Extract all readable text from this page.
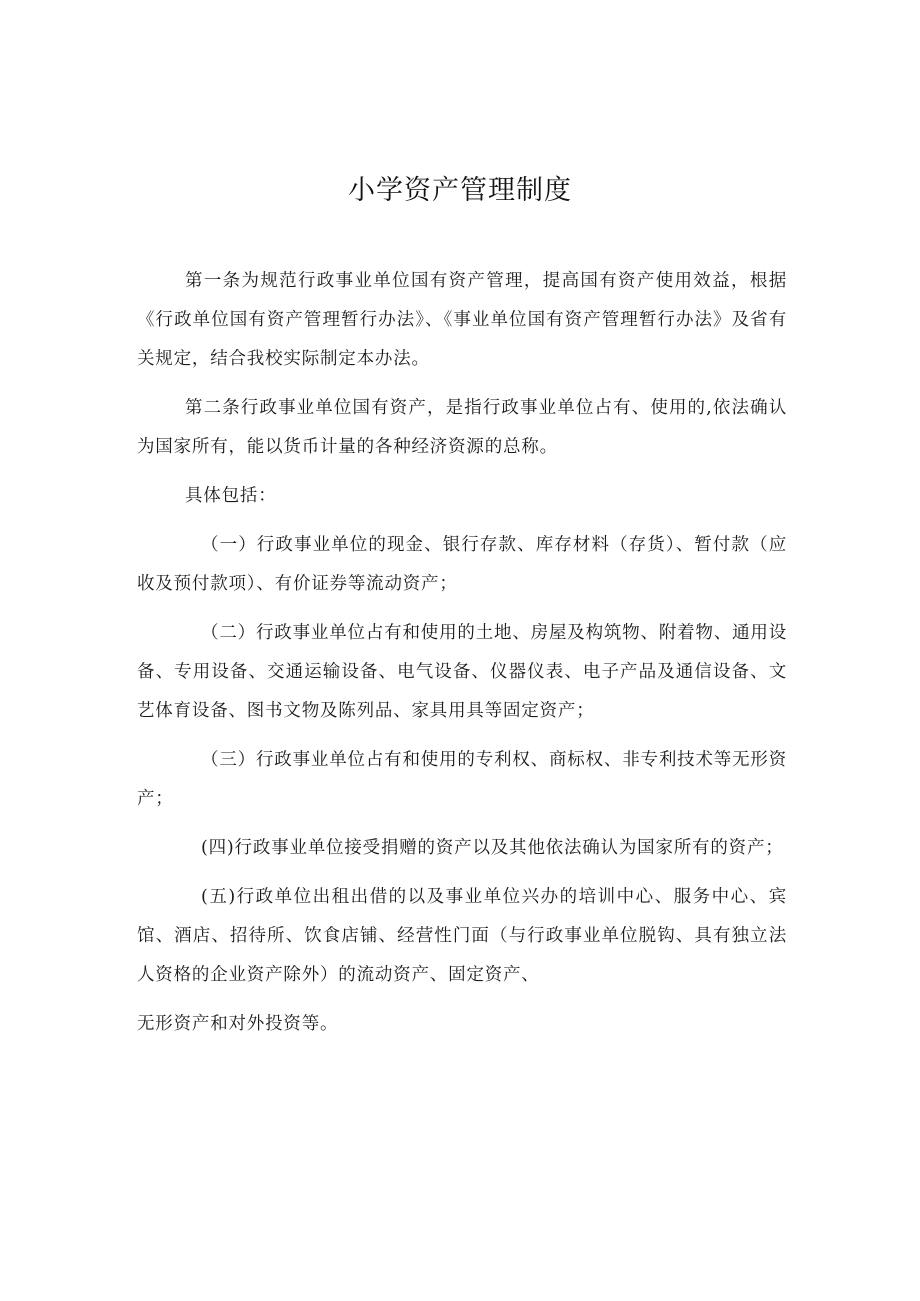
小学资产管理制度

第一条为规范行政事业单位国有资产管理，提高国有资产使用效益，根据《行政单位国有资产管理暂行办法》、《事业单位国有资产管理暂行办法》及省有关规定，结合我校实际制定本办法。

第二条行政事业单位国有资产，是指行政事业单位占有、使用的,依法确认为国家所有，能以货币计量的各种经济资源的总称。

具体包括：

（一）行政事业单位的现金、银行存款、库存材料（存货）、暂付款（应收及预付款项）、有价证券等流动资产；

（二）行政事业单位占有和使用的土地、房屋及构筑物、附着物、通用设备、专用设备、交通运输设备、电气设备、仪器仪表、电子产品及通信设备、文艺体育设备、图书文物及陈列品、家具用具等固定资产；

（三）行政事业单位占有和使用的专利权、商标权、非专利技术等无形资产；

(四)行政事业单位接受捐赠的资产以及其他依法确认为国家所有的资产；

(五)行政单位出租出借的以及事业单位兴办的培训中心、服务中心、宾馆、酒店、招待所、饮食店铺、经营性门面（与行政事业单位脱钩、具有独立法人资格的企业资产除外）的流动资产、固定资产、

无形资产和对外投资等。
